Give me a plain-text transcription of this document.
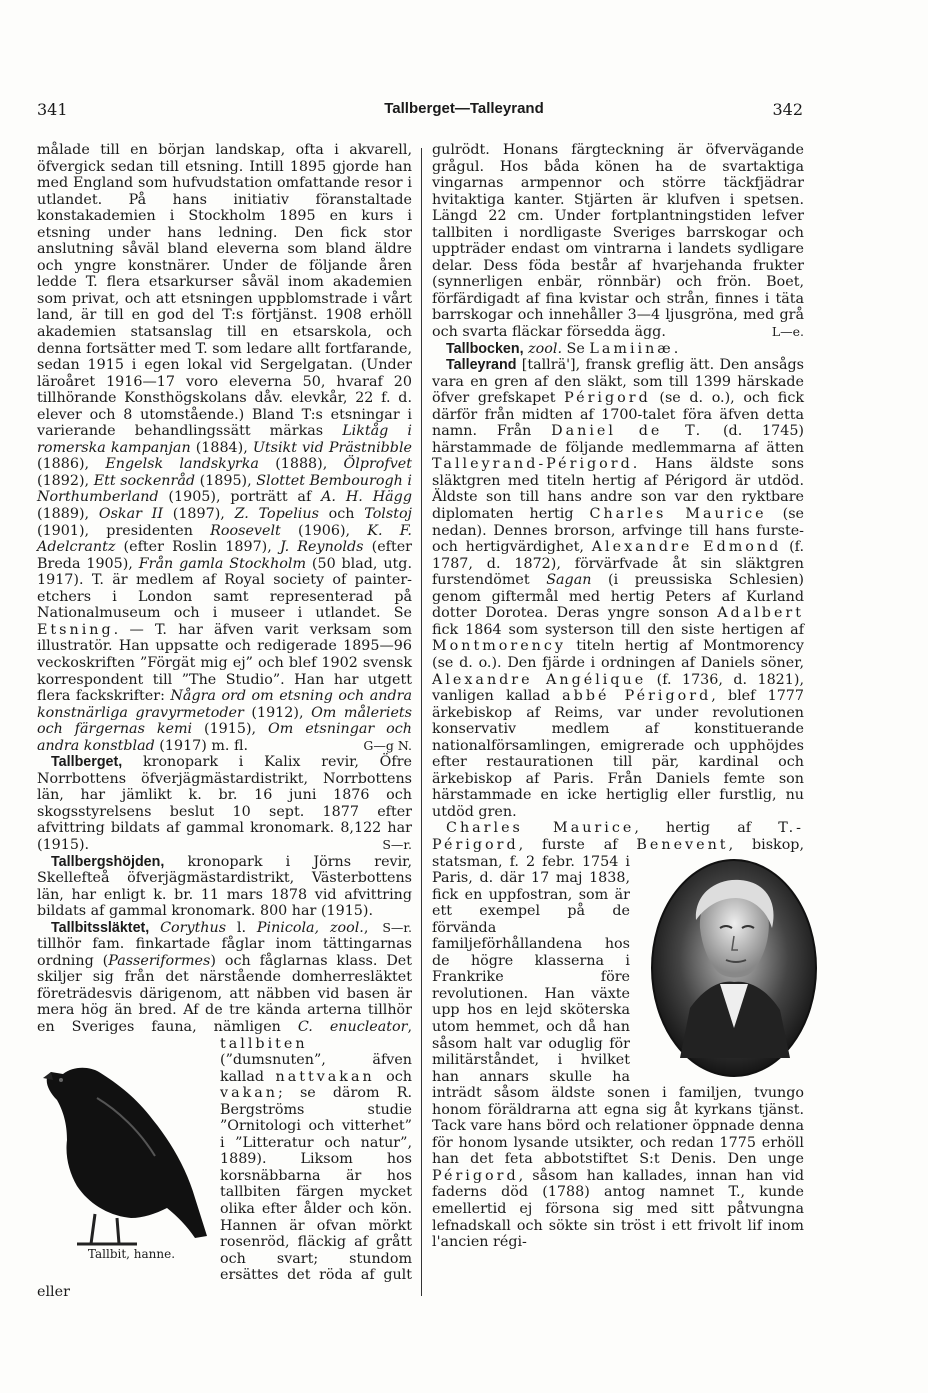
341	Tallberget—Talleyrand	342

målade till en början landskap, ofta i akvarell, öfvergick sedan till etsning. Intill 1895 gjorde han med England som hufvudstation omfattande resor i utlandet. På hans initiativ föranstaltade konstakademien i Stockholm 1895 en kurs i etsning under hans ledning. Den fick stor anslutning såväl bland eleverna som bland äldre och yngre konstnärer. Under de följande åren ledde T. flera etsarkurser såväl inom akademien som privat, och att etsningen uppblomstrade i vårt land, är till en god del T:s förtjänst. 1908 erhöll akademien statsanslag till en etsarskola, och denna fortsätter med T. som ledare allt fortfarande, sedan 1915 i egen lokal vid Sergelgatan. (Under läroåret 1916—17 voro eleverna 50, hvaraf 20 tillhörande Konsthögskolans dåv. elevkår, 22 f. d. elever och 8 utomstående.) Bland T:s etsningar i varierande behandlingssätt märkas Liktåg i romerska kampanjan (1884), Utsikt vid Prästnibble (1886), Engelsk landskyrka (1888), Ölprofvet (1892), Ett sockenråd (1895), Slottet Bembourogh i Northumberland (1905), porträtt af A. H. Hägg (1889), Oskar II (1897), Z. Topelius och Tolstoj (1901), presidenten Roosevelt (1906), K. F. Adelcrantz (efter Roslin 1897), J. Reynolds (efter Breda 1905), Från gamla Stockholm (50 blad, utg. 1917). T. är medlem af Royal society of painter-etchers i London samt representerad på Nationalmuseum och i museer i utlandet. Se Etsning. — T. har äfven varit verksam som illustratör. Han uppsatte och redigerade 1895—96 veckoskriften ”Förgät mig ej” och blef 1902 svensk korrespondent till ”The Studio”. Han har utgett flera fackskrifter: Några ord om etsning och andra konstnärliga gravyrmetoder (1912), Om måleriets och färgernas kemi (1915), Om etsningar och andra konstblad (1917) m. fl.	G—g N.

Tallberget, kronopark i Kalix revir, Öfre Norrbottens öfverjägmästardistrikt, Norrbottens län, har jämlikt k. br. 16 juni 1876 och skogsstyrelsens beslut 10 sept. 1877 efter afvittring bildats af gammal kronomark. 8,122 har (1915).	S—r.

Tallbergshöjden, kronopark i Jörns revir, Skellefteå öfverjägmästardistrikt, Västerbottens län, har enligt k. br. 11 mars 1878 vid afvittring bildats af gammal kronomark. 800 har (1915).
S—r.

Tallbitssläktet, Corythus l. Pinicola, zool., tillhör fam. finkartade fåglar inom tättingarnas ordning (Passeriformes) och fåglarnas klass. Det skiljer sig från det närstående domherresläktet företrädesvis därigenom, att näbben vid basen är mera hög än bred. Af de tre kända arterna tillhör en Sveriges fauna, nämligen
Tallbit, hanne.
C. enucleator, tallbiten (”dumsnuten”, äfven kallad nattvakan och vakan; se därom R. Bergströms studie ”Ornitologi och vitterhet” i ”Litteratur och natur”, 1889). Liksom hos korsnäbbarna är hos tallbiten färgen mycket olika efter ålder och kön. Hannen är ofvan mörkt rosenröd, fläckig af grått och svart; stundom ersättes det röda af gult eller

gulrödt. Honans färgteckning är öfvervägande grågul. Hos båda könen ha de svartaktiga vingarnas armpennor och större täckfjädrar hvitaktiga kanter. Stjärten är klufven i spetsen. Längd 22 cm. Under fortplantningstiden lefver tallbiten i nordligaste Sveriges barrskogar och uppträder endast om vintrarna i landets sydligare delar. Dess föda består af hvarjehanda frukter (synnerligen enbär, rönnbär) och frön. Boet, förfärdigadt af fina kvistar och strån, finnes i täta barrskogar och innehåller 3—4 ljusgröna, med grå och svarta fläckar försedda ägg.	L—e.

Tallbocken, zool. Se Lamiinæ.

Talleyrand [tallrä'], fransk greflig ätt. Den ansågs vara en gren af den släkt, som till 1399 härskade öfver grefskapet Périgord (se d. o.), och fick därför från midten af 1700-talet föra äfven detta namn. Från Daniel de T. (d. 1745) härstammade de följande medlemmarna af ätten Talleyrand-Périgord. Hans äldste sons släktgren med titeln hertig af Périgord är utdöd. Äldste son till hans andre son var den ryktbare diplomaten hertig Charles Maurice (se nedan). Dennes brorson, arfvinge till hans furste- och hertigvärdighet, Alexandre Edmond (f. 1787, d. 1872), förvärfvade åt sin släktgren furstendömet Sagan (i preussiska Schlesien) genom giftermål med hertig Peters af Kurland dotter Dorotea. Deras yngre sonson Adalbert fick 1864 som systerson till den siste hertigen af Montmorency titeln hertig af Montmorency (se d. o.). Den fjärde i ordningen af Daniels söner, Alexandre Angélique (f. 1736, d. 1821), vanligen kallad abbé Périgord, blef 1777 ärkebiskop af Reims, var under revolutionen konservativ medlem af konstituerande nationalförsamlingen, emigrerade och upphöjdes efter restaurationen till pär, kardinal och ärkebiskop af Paris. Från Daniels femte son härstammade en icke hertiglig eller furstlig, nu utdöd gren.

Charles Maurice, hertig af T.-Périgord, furste af Benevent
, biskop, statsman, f. 2 febr. 1754 i Paris, d. där 17 maj 1838, fick en uppfostran, som är ett exempel på de förvända familjeförhållandena hos de högre klasserna i Frankrike före revolutionen. Han växte upp hos en lejd sköterska utom hemmet, och då han såsom halt var oduglig för militärståndet, i hvilket han annars skulle ha inträdt såsom äldste sonen i familjen, tvungo honom föräldrarna att egna sig åt kyrkans tjänst. Tack vare hans börd och relationer öppnade denna för honom lysande utsikter, och redan 1775 erhöll han det feta abbotstiftet S:t Denis. Den unge Périgord, såsom han kallades, innan han vid faderns död (1788) antog namnet T., kunde emellertid ej försona sig med sitt påtvungna lefnadskall och sökte sin tröst i ett frivolt lif inom l'ancien régi-
